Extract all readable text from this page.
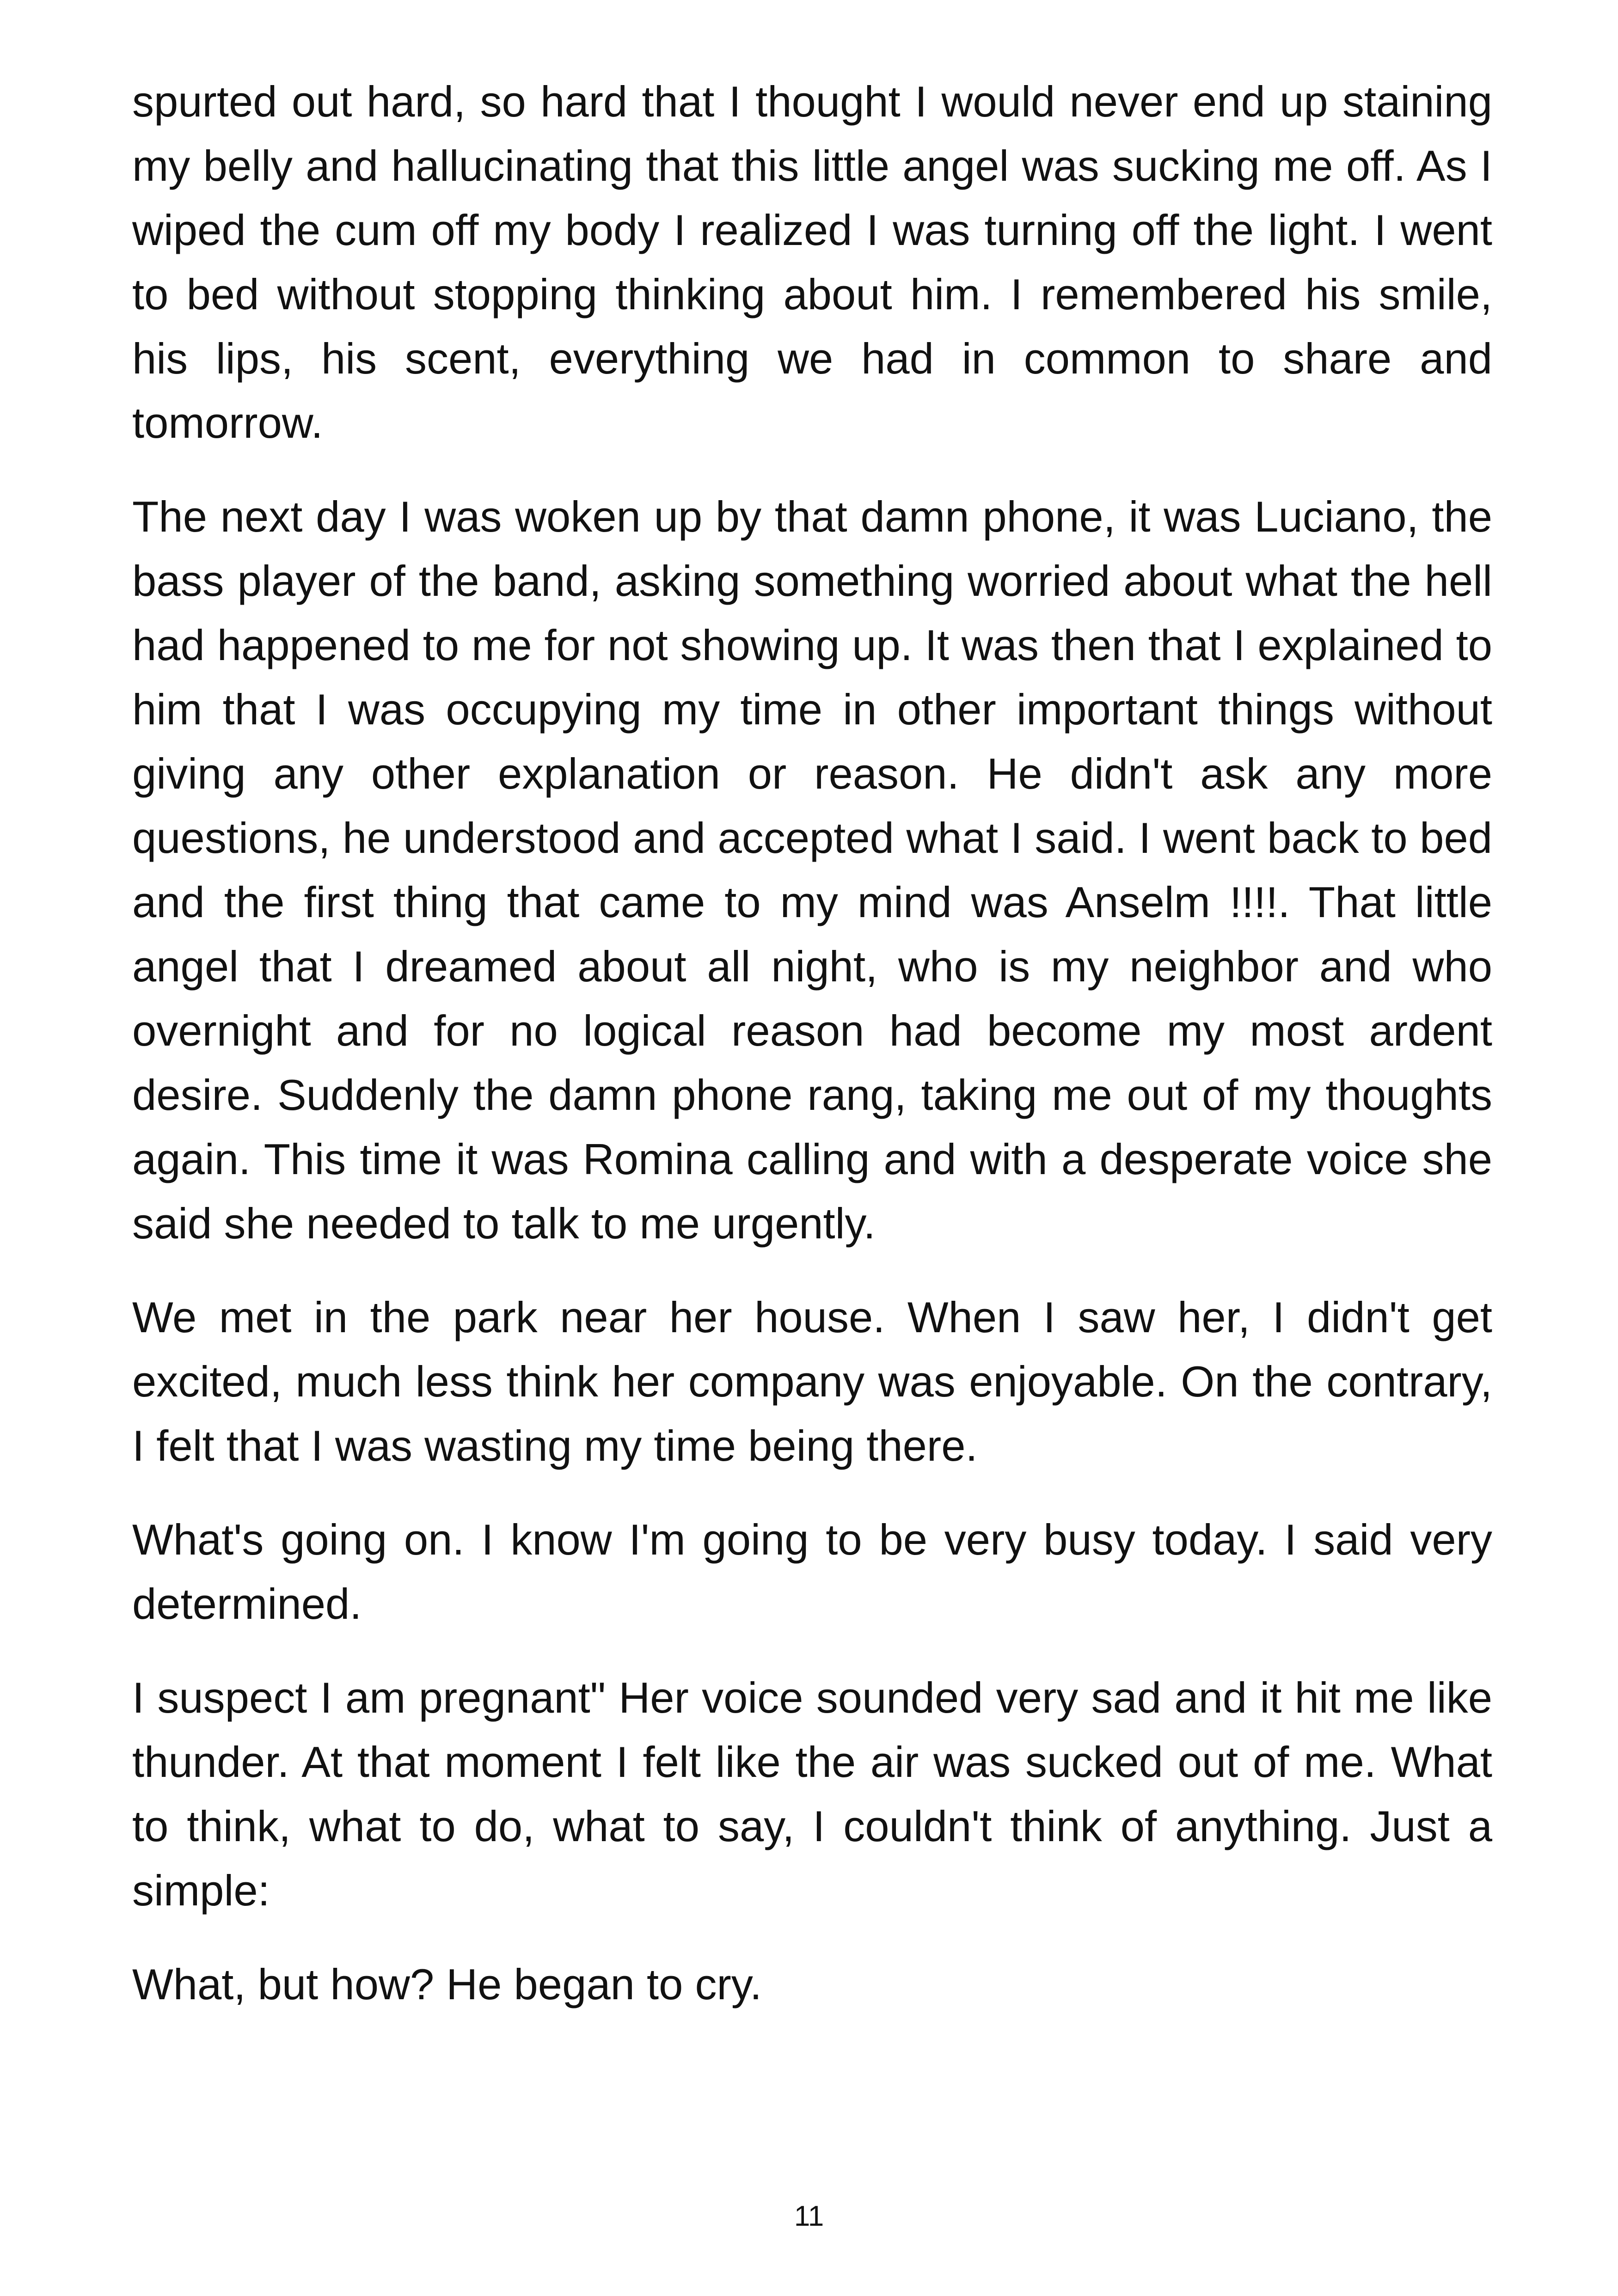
spurted out hard, so hard that I thought I would never end up staining my belly and hallucinating that this little angel was sucking me off. As I wiped the cum off my body I realized I was turning off the light. I went to bed without stopping thinking about him. I remembered his smile, his lips, his scent, everything we had in common to share and tomorrow.

The next day I was woken up by that damn phone, it was Luciano, the bass player of the band, asking something worried about what the hell had happened to me for not showing up. It was then that I explained to him that I was occupying my time in other important things without giving any other explanation or reason. He didn't ask any more questions, he understood and accepted what I said. I went back to bed and the first thing that came to my mind was Anselm !!!!. That little angel that I dreamed about all night, who is my neighbor and who overnight and for no logical reason had become my most ardent desire. Suddenly the damn phone rang, taking me out of my thoughts again. This time it was Romina calling and with a desperate voice she said she needed to talk to me urgently.

We met in the park near her house. When I saw her, I didn't get excited, much less think her company was enjoyable. On the contrary, I felt that I was wasting my time being there.

What's going on. I know I'm going to be very busy today. I said very determined.

I suspect I am pregnant" Her voice sounded very sad and it hit me like thunder. At that moment I felt like the air was sucked out of me. What to think, what to do, what to say, I couldn't think of anything. Just a simple:

What, but how? He began to cry.

11
